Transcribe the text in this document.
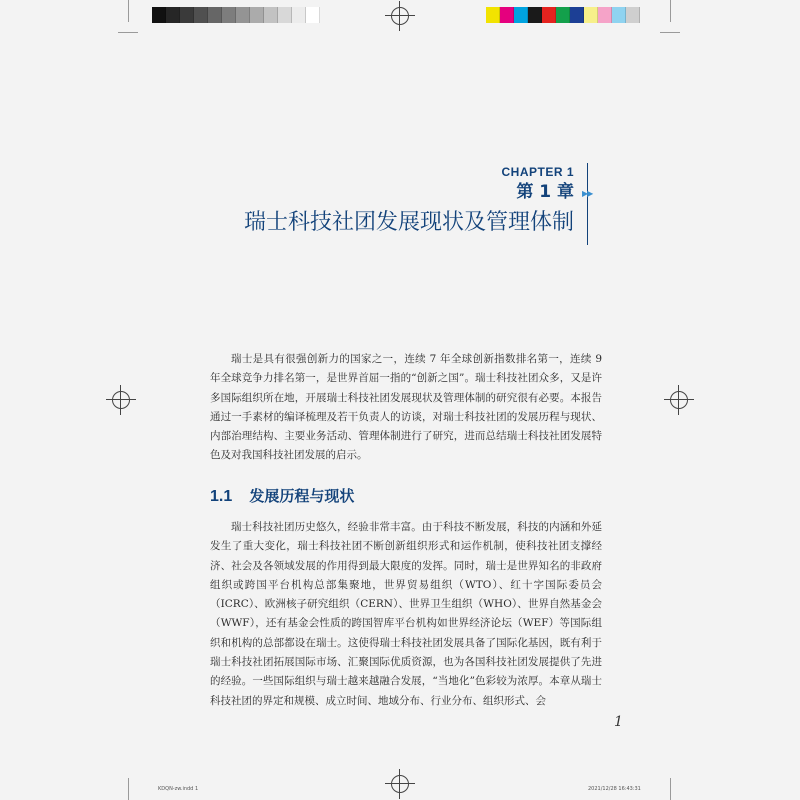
CHAPTER 1
第 1 章
瑞士科技社团发展现状及管理体制
▶▶

瑞士是具有很强创新力的国家之一，连续 7 年全球创新指数排名第一，连续 9 年全球竞争力排名第一，是世界首屈一指的“创新之国”。瑞士科技社团众多，又是许多国际组织所在地，开展瑞士科技社团发展现状及管理体制的研究很有必要。本报告通过一手素材的编译梳理及若干负责人的访谈，对瑞士科技社团的发展历程与现状、内部治理结构、主要业务活动、管理体制进行了研究，进而总结瑞士科技社团发展特色及对我国科技社团发展的启示。

1.1 发展历程与现状

瑞士科技社团历史悠久，经验非常丰富。由于科技不断发展，科技的内涵和外延发生了重大变化，瑞士科技社团不断创新组织形式和运作机制，使科技社团支撑经济、社会及各领域发展的作用得到最大限度的发挥。同时，瑞士是世界知名的非政府组织或跨国平台机构总部集聚地，世界贸易组织（WTO）、红十字国际委员会（ICRC）、欧洲核子研究组织（CERN）、世界卫生组织（WHO）、世界自然基金会（WWF），还有基金会性质的跨国智库平台机构如世界经济论坛（WEF）等国际组织和机构的总部都设在瑞士。这使得瑞士科技社团发展具备了国际化基因，既有利于瑞士科技社团拓展国际市场、汇聚国际优质资源，也为各国科技社团发展提供了先进的经验。一些国际组织与瑞士越来越融合发展，“当地化”色彩较为浓厚。本章从瑞士科技社团的界定和规模、成立时间、地域分布、行业分布、组织形式、会

1
KDQN-zw.indd 1	2021/12/28 16:43:31
